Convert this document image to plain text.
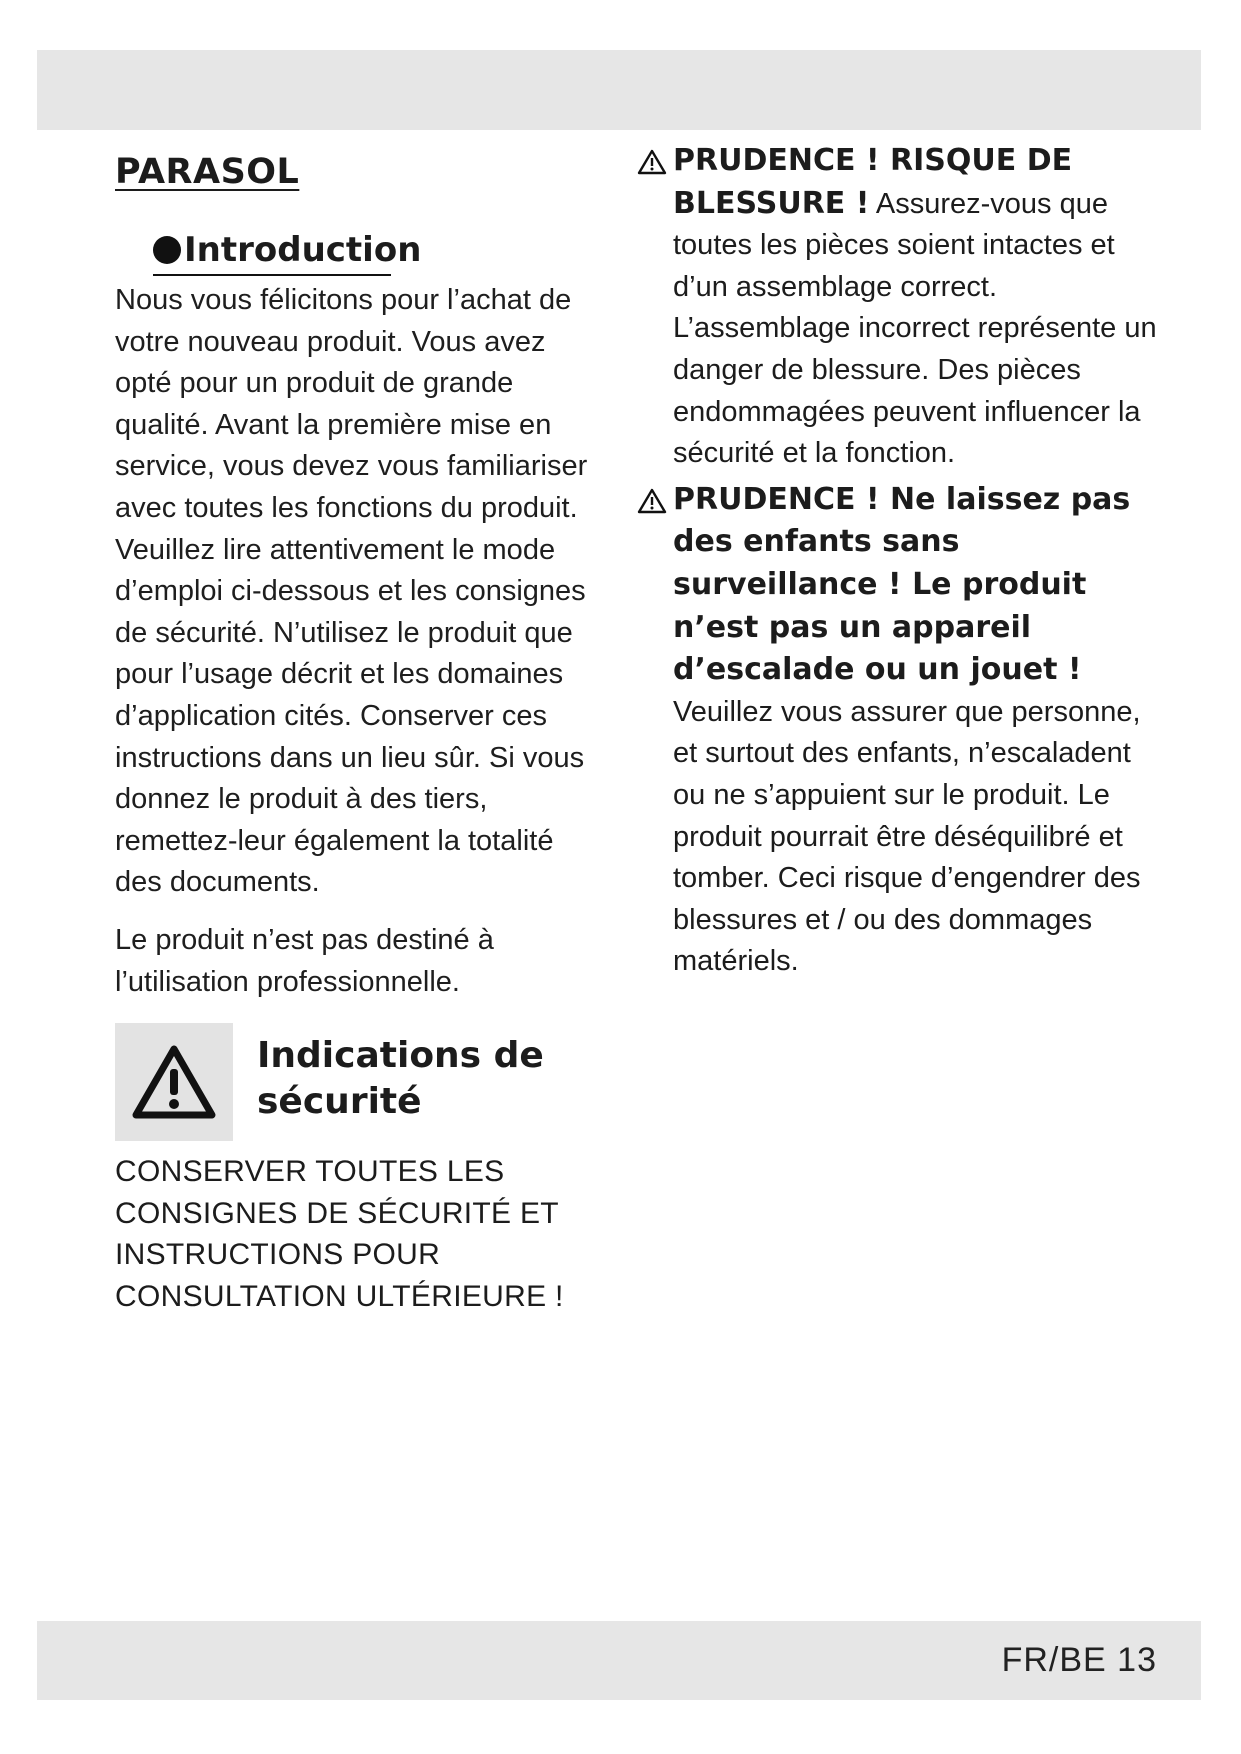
PARASOL
Introduction

Nous vous félicitons pour l’achat de votre nouveau produit. Vous avez opté pour un produit de grande qualité. Avant la première mise en service, vous devez vous familiariser avec toutes les fonctions du produit. Veuillez lire attentivement le mode d’emploi ci-dessous et les consignes de sécurité. N’utilisez le produit que pour l’usage décrit et les domaines d’application cités. Conserver ces instructions dans un lieu sûr. Si vous donnez le produit à des tiers, remettez-leur également la totalité des documents.

Le produit n’est pas destiné à l’utilisation professionnelle.

Indications de sécurité

CONSERVER TOUTES LES CONSIGNES DE SÉCURITÉ ET INSTRUCTIONS POUR CONSULTATION ULTÉRIEURE !

PRUDENCE ! RISQUE DE BLESSURE ! Assurez-vous que toutes les pièces soient intactes et d’un assemblage correct. L’assemblage incorrect représente un danger de blessure. Des pièces endommagées peuvent influencer la sécurité et la fonction.

PRUDENCE ! Ne laissez pas des enfants sans surveillance ! Le produit n’est pas un appareil d’escalade ou un jouet ! Veuillez vous assurer que personne, et surtout des enfants, n’escaladent ou ne s’appuient sur le produit. Le produit pourrait être déséquilibré et tomber. Ceci risque d’engendrer des blessures et / ou des dommages matériels.

FR/BE 13
